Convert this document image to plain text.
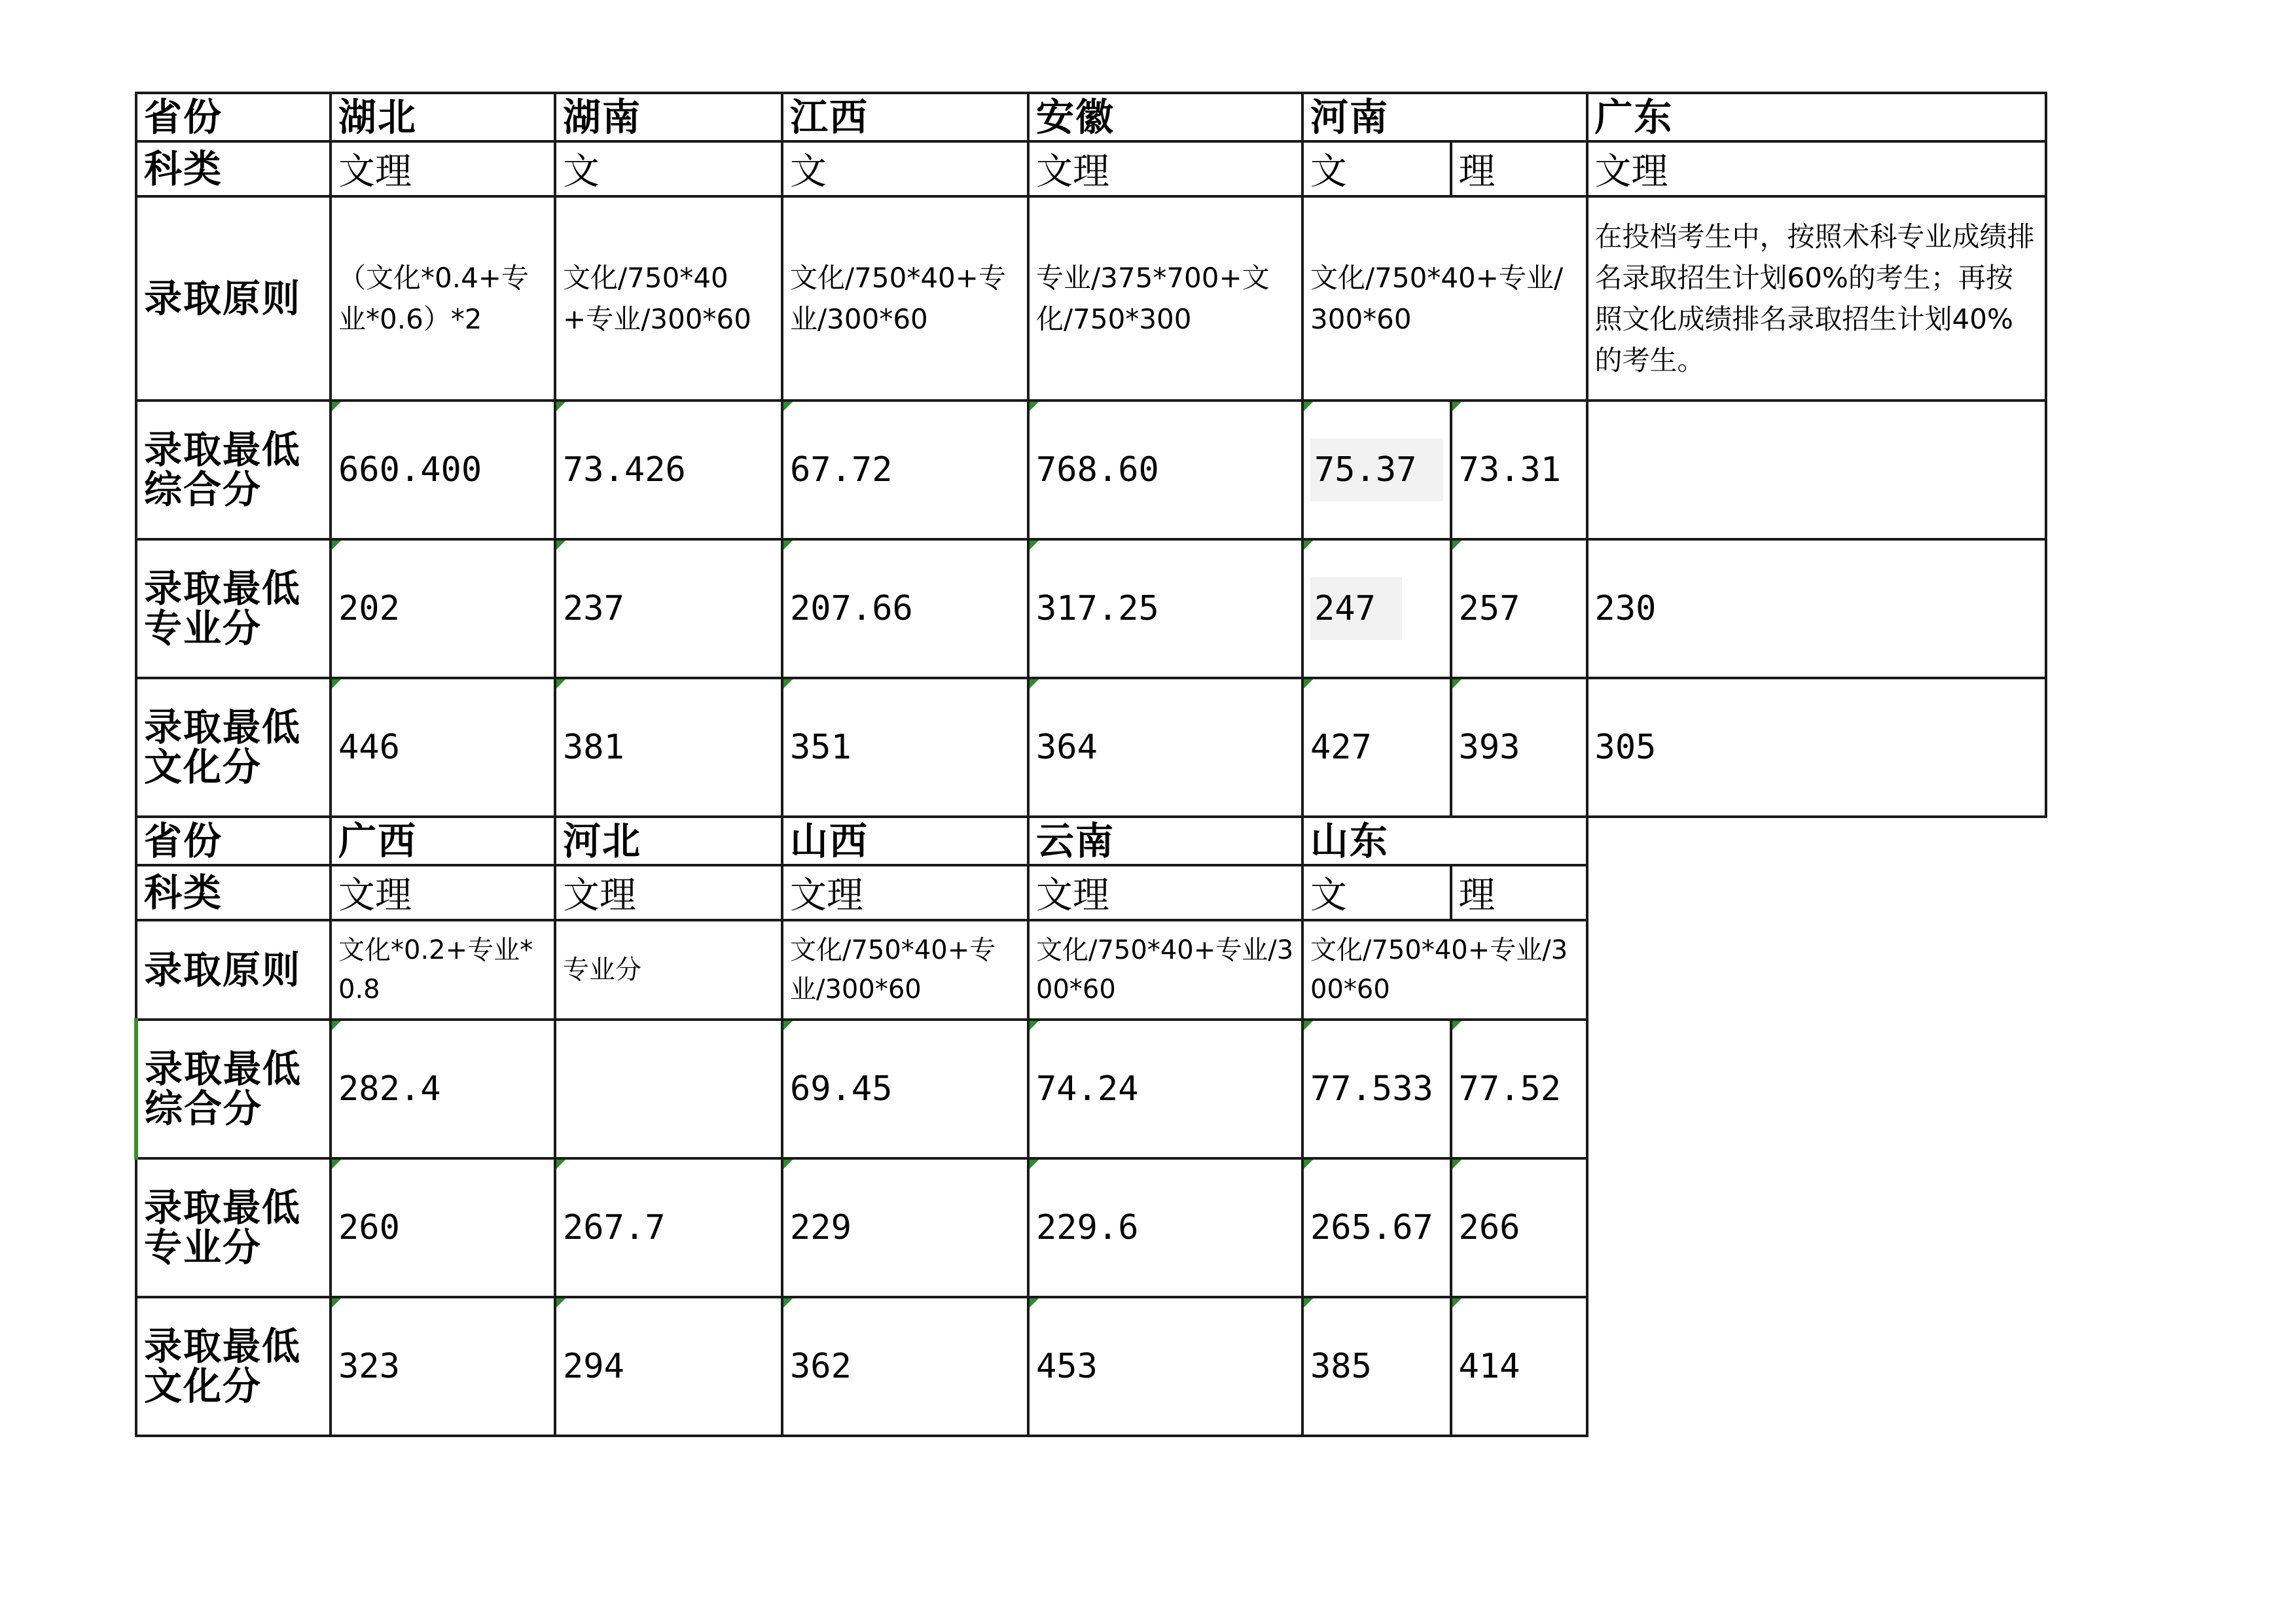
省份	湖北	湖南	江西	安徽	河南		广东
科类	文理	文	文	文理	文	理	文理
录取原则	（文化*0.4+专业*0.6）*2	文化/750*40+专业/300*60	文化/750*40+专业/300*60	专业/375*700+文化/750*300	文化/750*40+专业/300*60		在投档考生中，按照术科专业成绩排名录取招生计划60%的考生；再按照文化成绩排名录取招生计划40%的考生。
录取最低综合分	660.400	73.426	67.72	768.60	75.37	73.31	
录取最低专业分	202	237	207.66	317.25	247	257	230
录取最低文化分	446	381	351	364	427	393	305
省份	广西	河北	山西	云南	山东		
科类	文理	文理	文理	文理	文	理	
录取原则	文化*0.2+专业*0.8	专业分	文化/750*40+专业/300*60	文化/750*40+专业/300*60	文化/750*40+专业/300*60		
录取最低综合分	282.4		69.45	74.24	77.533	77.52	
录取最低专业分	260	267.7	229	229.6	265.67	266	
录取最低文化分	323	294	362	453	385	414	
